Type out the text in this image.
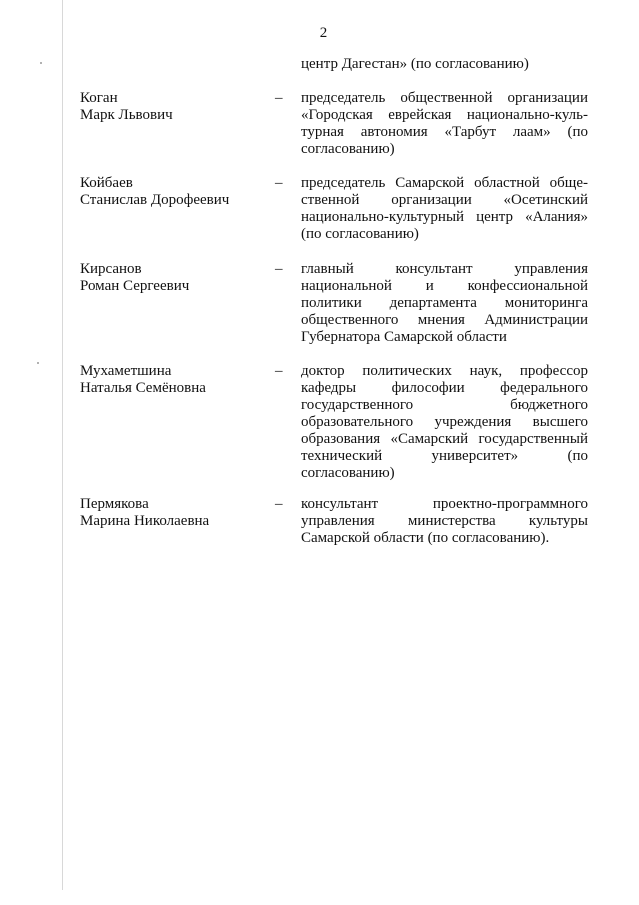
2
центр Дагестан» (по согласованию)
Коган
Марк Львович
–	председатель общественной организации
«Городская еврейская национально-куль-
турная автономия «Тарбут лаам» (по
согласованию)
Койбаев
Станислав Дорофеевич
–	председатель Самарской областной обще-
ственной организации «Осетинский
национально-культурный центр «Алания»
(по согласованию)
Кирсанов
Роман Сергеевич
–	главный консультант управления
национальной и конфессиональной
политики департамента мониторинга
общественного мнения Администрации
Губернатора Самарской области
Мухаметшина
Наталья Семёновна
–	доктор политических наук, профессор
кафедры философии федерального
государственного бюджетного
образовательного учреждения высшего
образования «Самарский государственный
технический университет» (по
согласованию)
Пермякова
Марина Николаевна
–	консультант проектно-программного
управления министерства культуры
Самарской области (по согласованию).
